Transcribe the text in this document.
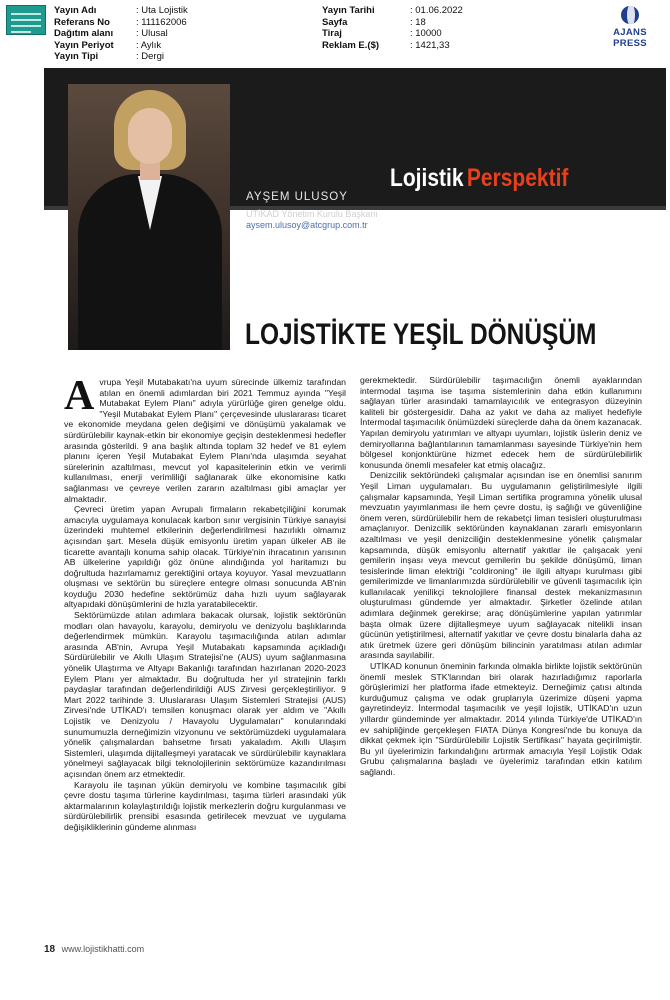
Yayın Adı	: Uta Lojistik
Referans No	: 111162006
Dağıtım alanı	: Ulusal
Yayın Periyot	: Aylık
Yayın Tipi	: Dergi
Yayın Tarihi	: 01.06.2022
Sayfa	: 18
Tiraj	: 10000
Reklam E.($)	: 1421,33
AJANS PRESS
Lojistik Perspektif
AYŞEM ULUSOY
UTİKAD Yönetim Kurulu Başkanı
aysem.ulusoy@atcgrup.com.tr
LOJİSTİKTE YEŞİL DÖNÜŞÜM

Avrupa Yeşil Mutabakatı'na uyum sürecinde ülkemiz tarafından atılan en önemli adımlardan biri 2021 Temmuz ayında "Yeşil Mutabakat Eylem Planı" adıyla yürürlüğe giren genelge oldu. "Yeşil Mutabakat Eylem Planı" çerçevesinde uluslararası ticaret ve ekonomide meydana gelen değişimi ve dönüşümü yakalamak ve sürdürülebilir kaynak-etkin bir ekonomiye geçişin desteklenmesi hedefler arasında gösterildi. 9 ana başlık altında toplam 32 hedef ve 81 eylem planını içeren Yeşil Mutabakat Eylem Planı'nda ulaşımda seyahat sürelerinin azaltılması, mevcut yol kapasitelerinin etkin ve verimli kullanılması, enerji verimliliği sağlanarak ülke ekonomisine katkı sağlanması ve çevreye verilen zararın azaltılması gibi amaçlar yer almaktadır.

Çevreci üretim yapan Avrupalı firmaların rekabetçiliğini korumak amacıyla uygulamaya konulacak karbon sınır vergisinin Türkiye sanayisi üzerindeki muhtemel etkilerinin değerlendirilmesi hazırlıklı olmamız açısından şart. Mesela düşük emisyonlu üretim yapan ülkeler AB ile ticarette avantajlı konuma sahip olacak. Türkiye'nin ihracatının yarısının AB ülkelerine yapıldığı göz önüne alındığında yol haritamızı bu doğrultuda hazırlamamız gerektiğini ortaya koyuyor. Yasal mevzuatların oluşması ve sektörün bu süreçlere entegre olması sonucunda AB'nin koyduğu 2030 hedefine sektörümüz daha hızlı uyum sağlayarak altyapıdaki dönüşümlerini de hızla yaratabilecektir.

Sektörümüzde atılan adımlara bakacak olursak, lojistik sektörünün modları olan havayolu, karayolu, demiryolu ve denizyolu başlıklarında değerlendirmek mümkün. Karayolu taşımacılığında atılan adımlar arasında AB'nin, Avrupa Yeşil Mutabakatı kapsamında açıkladığı Sürdürülebilir ve Akıllı Ulaşım Stratejisi'ne (AUS) uyum sağlanmasına yönelik Ulaştırma ve Altyapı Bakanlığı tarafından hazırlanan 2020-2023 Eylem Planı yer almaktadır. Bu doğrultuda her yıl stratejinin farklı paydaşlar tarafından değerlendirildiği AUS Zirvesi gerçekleştiriliyor. 9 Mart 2022 tarihinde 3. Uluslararası Ulaşım Sistemleri Stratejisi (AUS) Zirvesi'nde UTİKAD'ı temsilen konuşmacı olarak yer aldım ve "Akıllı Lojistik ve Denizyolu / Havayolu Uygulamaları" konularındaki sunumumuzla derneğimizin vizyonunu ve sektörümüzdeki uygulamalara yönelik çalışmalardan bahsetme fırsatı yakaladım. Akıllı Ulaşım Sistemleri, ulaşımda dijitalleşmeyi yaratacak ve sürdürülebilir kaynaklara yönelmeyi sağlayacak bilgi teknolojilerinin sektörümüze kazandırılması açısından önem arz etmektedir.

Karayolu ile taşınan yükün demiryolu ve kombine taşımacılık gibi çevre dostu taşıma türlerine kaydırılması, taşıma türleri arasındaki yük aktarmalarının kolaylaştırıldığı lojistik merkezlerin doğru kurgulanması ve sürdürülebilirlik prensibi esasında getirilecek mevzuat ve uygulama değişikliklerinin gündeme alınması

gerekmektedir. Sürdürülebilir taşımacılığın önemli ayaklarından intermodal taşıma ise taşıma sistemlerinin daha etkin kullanımını sağlayan türler arasındaki tamamlayıcılık ve entegrasyon düzeyinin kaliteli bir göstergesidir. Daha az yakıt ve daha az maliyet hedefiyle İntermodal taşımacılık önümüzdeki süreçlerde daha da önem kazanacak. Yapılan demiryolu yatırımları ve altyapı uyumları, lojistik üslerin deniz ve demiryollarına bağlantılarının tamamlanması sayesinde Türkiye'nin hem bölgesel konjonktürüne hizmet edecek hem de sürdürülebilirlik konusunda önemli mesafeler kat etmiş olacağız.

Denizcilik sektöründeki çalışmalar açısından ise en önemlisi sanırım Yeşil Liman uygulamaları. Bu uygulamanın geliştirilmesiyle ilgili çalışmalar kapsamında, Yeşil Liman sertifika programına yönelik ulusal mevzuatın yayımlanması ile hem çevre dostu, iş sağlığı ve güvenliğine önem veren, sürdürülebilir hem de rekabetçi liman tesisleri oluşturulması amaçlanıyor. Denizcilik sektöründen kaynaklanan zararlı emisyonların azaltılması ve yeşil denizciliğin desteklenmesine yönelik çalışmalar kapsamında, düşük emisyonlu alternatif yakıtlar ile çalışacak yeni gemilerin inşası veya mevcut gemilerin bu şekilde dönüşümü, liman tesislerinde liman elektriği "coldironing" ile ilgili altyapı kurulması gibi gemilerimizde ve limanlarımızda sürdürülebilir ve güvenli taşımacılık için kullanılacak yenilikçi teknolojilere finansal destek mekanizmasının oluşturulması gündemde yer almaktadır. Şirketler özelinde atılan adımlara değinmek gerekirse; araç dönüşümlerine yapılan yatırımlar başta olmak üzere dijitalleşmeye uyum sağlayacak nitelikli insan gücünün yetiştirilmesi, alternatif yakıtlar ve çevre dostu binalarla daha az atık üretmek üzere geri dönüşüm bilincinin yaratılması atılan adımlar arasında sayılabilir.

UTİKAD konunun öneminin farkında olmakla birlikte lojistik sektörünün önemli meslek STK'larından biri olarak hazırladığımız raporlarla görüşlerimizi her platforma ifade etmekteyiz. Derneğimiz çatısı altında kurduğumuz çalışma ve odak gruplarıyla üzerimize düşeni yapma gayretindeyiz. İntermodal taşımacılık ve yeşil lojistik, UTİKAD'ın uzun yıllardır gündeminde yer almaktadır. 2014 yılında Türkiye'de UTİKAD'ın ev sahipliğinde gerçekleşen FIATA Dünya Kongresi'nde bu konuya da dikkat çekmek için "Sürdürülebilir Lojistik Sertifikası" hayata geçirilmiştir. Bu yıl üyelerimizin farkındalığını artırmak amacıyla Yeşil Lojistik Odak Grubu çalışmalarına başladı ve üyelerimiz tarafından etkin katılım sağlandı.

18 www.lojistikhatti.com
